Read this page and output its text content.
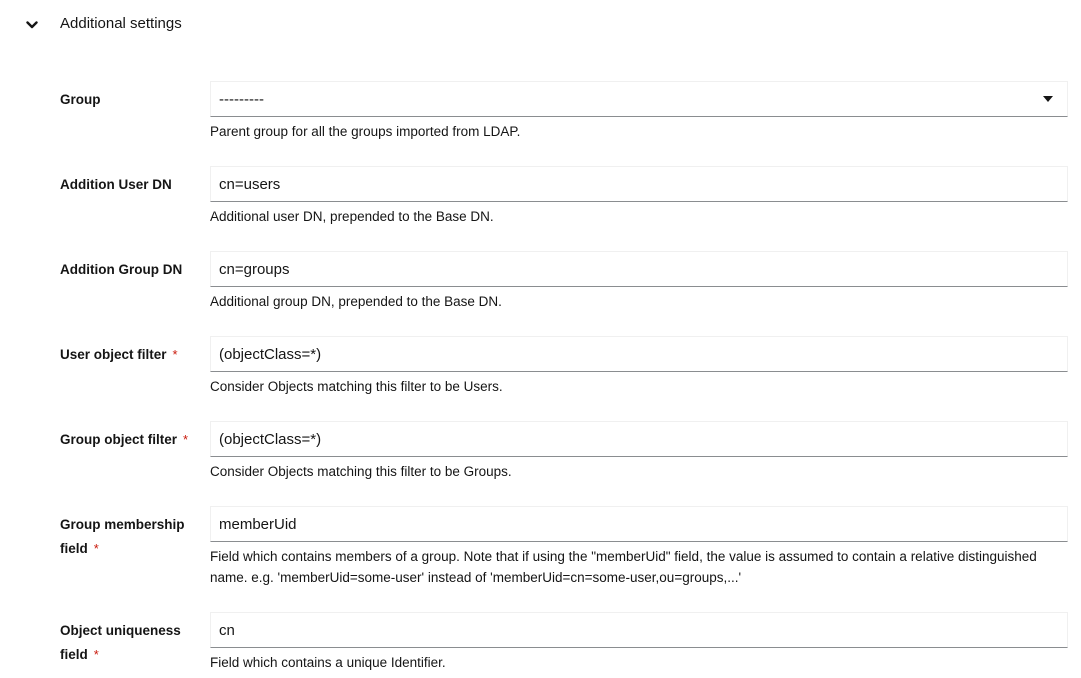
Additional settings
Group	---------
Parent group for all the groups imported from LDAP.
Addition User DN
cn=users
Additional user DN, prepended to the Base DN.
Addition Group DN
cn=groups
Additional group DN, prepended to the Base DN.
User object filter *
(objectClass=*)
Consider Objects matching this filter to be Users.
Group object filter *
(objectClass=*)
Consider Objects matching this filter to be Groups.
Group membership field *
memberUid
Field which contains members of a group. Note that if using the "memberUid" field, the value is assumed to contain a relative distinguished name. e.g. 'memberUid=some-user' instead of 'memberUid=cn=some-user,ou=groups,...'
Object uniqueness field *
cn
Field which contains a unique Identifier.
